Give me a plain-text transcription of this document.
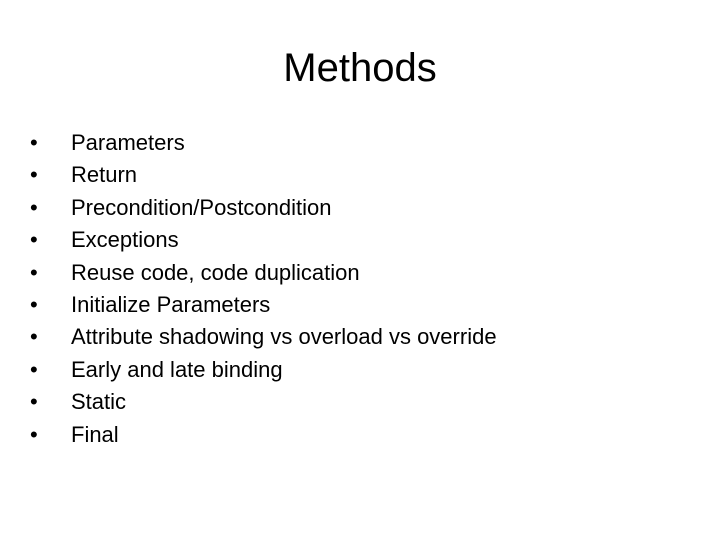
Methods
• Parameters
• Return
• Precondition/Postcondition
• Exceptions
• Reuse code, code duplication
• Initialize Parameters
• Attribute shadowing vs overload vs override
• Early and late binding
• Static
• Final
